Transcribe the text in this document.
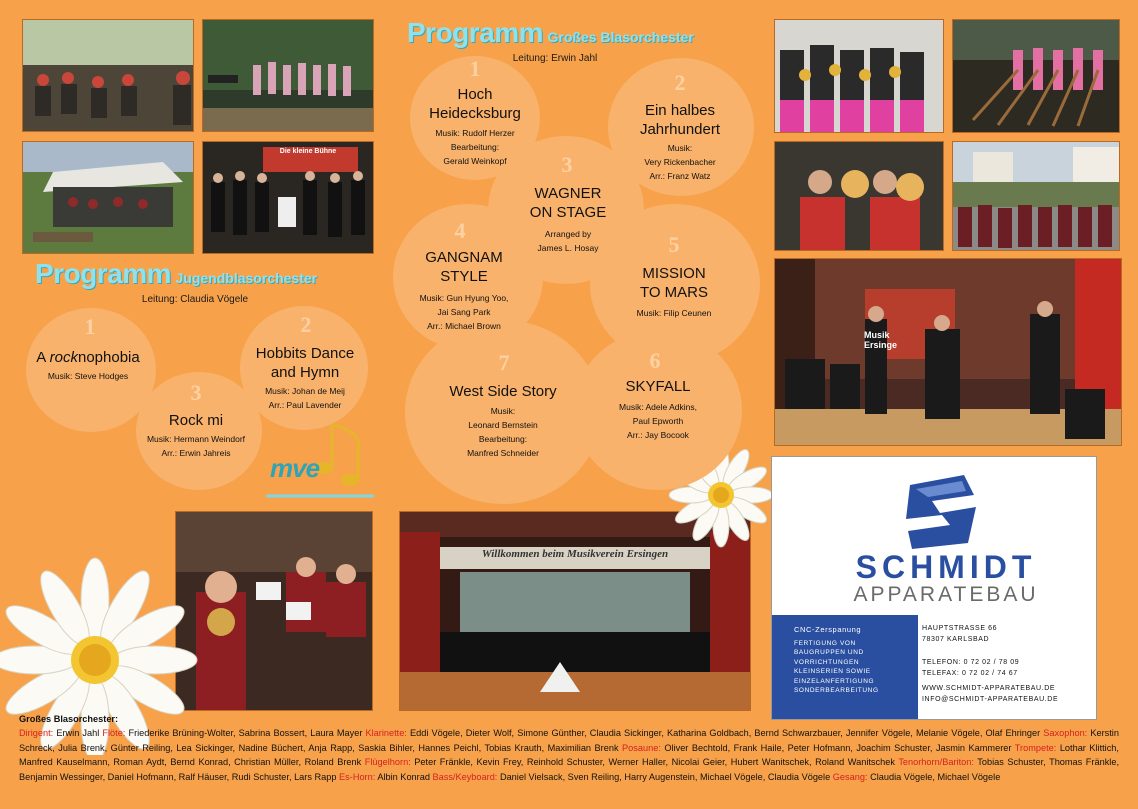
Die kleine Bühne
Musik Ersinge
Willkommen beim Musikverein Ersingen
Programm Großes Blasorchester
Leitung: Erwin Jahl
1
Hoch
Heidecksburg
Musik: Rudolf Herzer
Bearbeitung:
Gerald Weinkopf
2
Ein halbes
Jahrhundert
Musik:
Very Rickenbacher
Arr.: Franz Watz
3
WAGNER
ON STAGE
Arranged by
James L. Hosay
4
GANGNAM
STYLE
Musik: Gun Hyung Yoo,
Jai Sang Park
Arr.: Michael Brown
5
MISSION
TO MARS
Musik: Filip Ceunen
6
SKYFALL
Musik: Adele Adkins,
Paul Epworth
Arr.: Jay Bocook
7
West Side Story
Musik:
Leonard Bernstein
Bearbeitung:
Manfred Schneider
Programm Jugendblasorchester
Leitung: Claudia Vögele
1
A rocknophobia
Musik: Steve Hodges
2
Hobbits Dance
and Hymn
Musik: Johan de Meij
Arr.: Paul Lavender
3
Rock mi
Musik: Hermann Weindorf
Arr.: Erwin Jahreis	mve
SCHMIDT
APPARATEBAU
CNC-Zerspanung
FERTIGUNG VON
BAUGRUPPEN UND
VORRICHTUNGEN
KLEINSERIEN SOWIE
EINZELANFERTIGUNG
SONDERBEARBEITUNG
HAUPTSTRASSE 66
78307 KARLSBAD
TELEFON: 0 72 02 / 78 09
TELEFAX: 0 72 02 / 74 67
WWW.SCHMIDT-APPARATEBAU.DE
INFO@SCHMIDT-APPARATEBAU.DE
Großes Blasorchester:
Dirigent: Erwin Jahl Flöte: Friederike Brüning-Wolter, Sabrina Bossert, Laura Mayer Klarinette: Eddi Vögele, Dieter Wolf, Simone Günther, Claudia Sickinger, Katharina Goldbach, Bernd Schwarzbauer, Jennifer Vögele, Melanie Vögele, Olaf Ehringer Saxophon: Kerstin Schreck, Julia Brenk, Günter Reiling, Lea Sickinger, Nadine Büchert, Anja Rapp, Saskia Bihler, Hannes Peichl, Tobias Krauth, Maximilian Brenk Posaune: Oliver Bechtold, Frank Haile, Peter Hofmann, Joachim Schuster, Jasmin Kammerer Trompete: Lothar Klittich, Manfred Kauselmann, Roman Aydt, Bernd Konrad, Christian Müller, Roland Brenk Flügelhorn: Peter Fränkle, Kevin Frey, Reinhold Schuster, Werner Haller, Nicolai Geier, Hubert Wanitschek, Roland Wanitschek Tenorhorn/Bariton: Tobias Schuster, Thomas Fränkle, Benjamin Wessinger, Daniel Hofmann, Ralf Häuser, Rudi Schuster, Lars Rapp Es-Horn: Albin Konrad Bass/Keyboard: Daniel Vielsack, Sven Reiling, Harry Augenstein, Michael Vögele, Claudia Vögele Gesang: Claudia Vögele, Michael Vögele
